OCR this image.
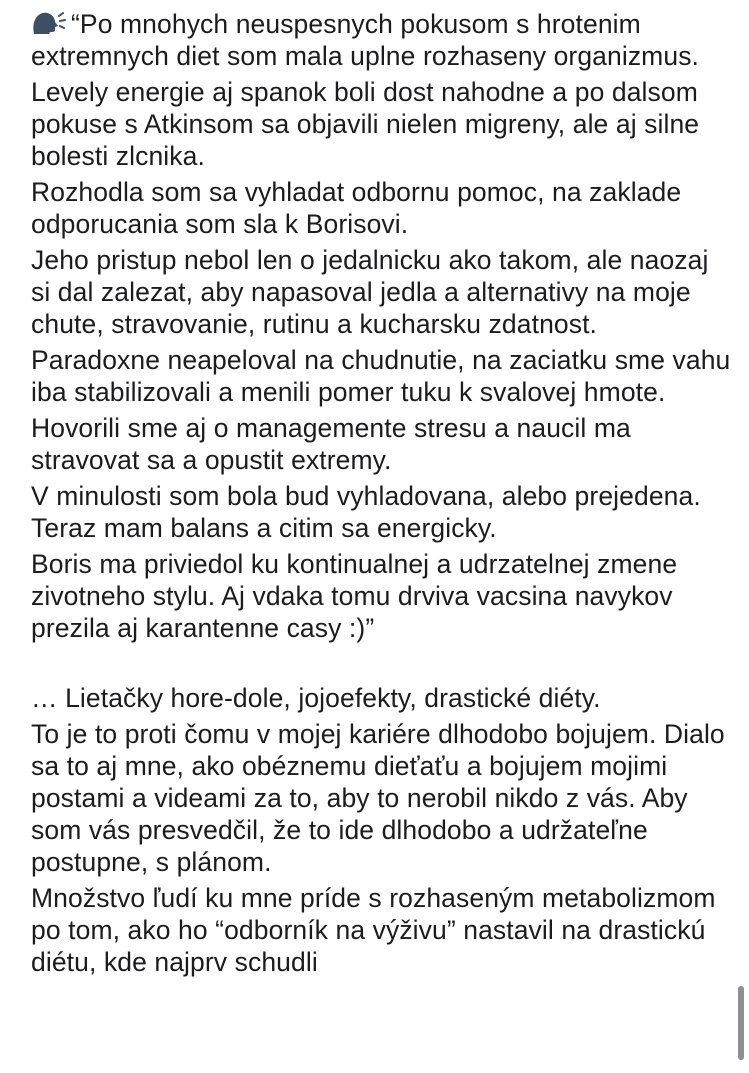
“Po mnohych neuspesnych pokusom s hrotenim extremnych diet som mala uplne rozhaseny organizmus.

Levely energie aj spanok boli dost nahodne a po dalsom pokuse s Atkinsom sa objavili nielen migreny, ale aj silne bolesti zlcnika.

Rozhodla som sa vyhladat odbornu pomoc, na zaklade odporucania som sla k Borisovi.

Jeho pristup nebol len o jedalnicku ako takom, ale naozaj si dal zalezat, aby napasoval jedla a alternativy na moje chute, stravovanie, rutinu a kucharsku zdatnost.

Paradoxne neapeloval na chudnutie, na zaciatku sme vahu iba stabilizovali a menili pomer tuku k svalovej hmote.

Hovorili sme aj o managemente stresu a naucil ma stravovat sa a opustit extremy.

V minulosti som bola bud vyhladovana, alebo prejedena. Teraz mam balans a citim sa energicky.

Boris ma priviedol ku kontinualnej a udrzatelnej zmene zivotneho stylu. Aj vdaka tomu drviva vacsina navykov prezila aj karantenne casy :)”

… Lietačky hore-dole, jojoefekty, drastické diéty.

To je to proti čomu v mojej kariére dlhodobo bojujem. Dialo sa to aj mne, ako obéznemu dieťaťu a bojujem mojimi postami a videami za to, aby to nerobil nikdo z vás. Aby som vás presvedčil, že to ide dlhodobo a udržateľne postupne, s plánom.

Množstvo ľudí ku mne príde s rozhaseným metabolizmom po tom, ako ho “odborník na výživu” nastavil na drastickú diétu, kde najprv schudli
